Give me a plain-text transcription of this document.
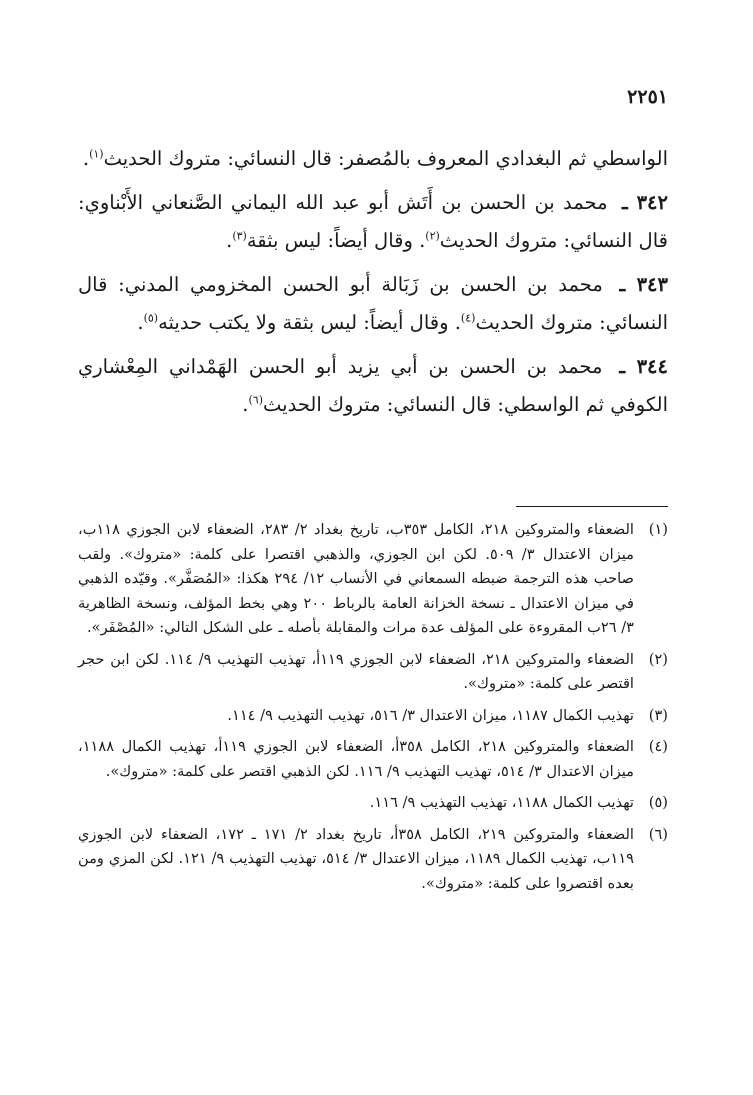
٢٢٥١

الواسطي ثم البغدادي المعروف بالمُصفر: قال النسائي: متروك الحديث$^{(١)}$.

٣٤٢ ـ محمد بن الحسن بن أَتَش أبو عبد الله اليماني الصَّنعاني الأَبْناوي: قال النسائي: متروك الحديث$^{(٢)}$. وقال أيضاً: ليس بثقة$^{(٣)}$.

٣٤٣ ـ محمد بن الحسن بن زَبَالة أبو الحسن المخزومي المدني: قال النسائي: متروك الحديث$^{(٤)}$. وقال أيضاً: ليس بثقة ولا يكتب حديثه$^{(٥)}$.

٣٤٤ ـ محمد بن الحسن بن أبي يزيد أبو الحسن الهَمْداني المِعْشاري الكوفي ثم الواسطي: قال النسائي: متروك الحديث$^{(٦)}$.

(١)
الضعفاء والمتروكين ٢١٨، الكامل ٣٥٣ب، تاريخ بغداد ٢/ ٢٨٣، الضعفاء لابن الجوزي ١١٨ب، ميزان الاعتدال ٣/ ٥٠٩. لكن ابن الجوزي، والذهبي اقتصرا على كلمة: «متروك». ولقب صاحب هذه الترجمة ضبطه السمعاني في الأنساب ١٢/ ٢٩٤ هكذا: «المُصَفَّر». وقيّده الذهبي في ميزان الاعتدال ـ نسخة الخزانة العامة بالرباط ٢٠٠ وهي بخط المؤلف، ونسخة الظاهرية ٣/ ٢٦ب المقروءة على المؤلف عدة مرات والمقابلة بأصله ـ على الشكل التالي: «المُصْفَر».
(٢)
الضعفاء والمتروكين ٢١٨، الضعفاء لابن الجوزي ١١٩أ، تهذيب التهذيب ٩/ ١١٤. لكن ابن حجر اقتصر على كلمة: «متروك».
(٣)
تهذيب الكمال ١١٨٧، ميزان الاعتدال ٣/ ٥١٦، تهذيب التهذيب ٩/ ١١٤.
(٤)
الضعفاء والمتروكين ٢١٨، الكامل ٣٥٨أ، الضعفاء لابن الجوزي ١١٩أ، تهذيب الكمال ١١٨٨، ميزان الاعتدال ٣/ ٥١٤، تهذيب التهذيب ٩/ ١١٦. لكن الذهبي اقتصر على كلمة: «متروك».
(٥)
تهذيب الكمال ١١٨٨، تهذيب التهذيب ٩/ ١١٦.
(٦)
الضعفاء والمتروكين ٢١٩، الكامل ٣٥٨أ، تاريخ بغداد ٢/ ١٧١ ـ ١٧٢، الضعفاء لابن الجوزي ١١٩ب، تهذيب الكمال ١١٨٩، ميزان الاعتدال ٣/ ٥١٤، تهذيب التهذيب ٩/ ١٢١. لكن المزي ومن بعده اقتصروا على كلمة: «متروك».
